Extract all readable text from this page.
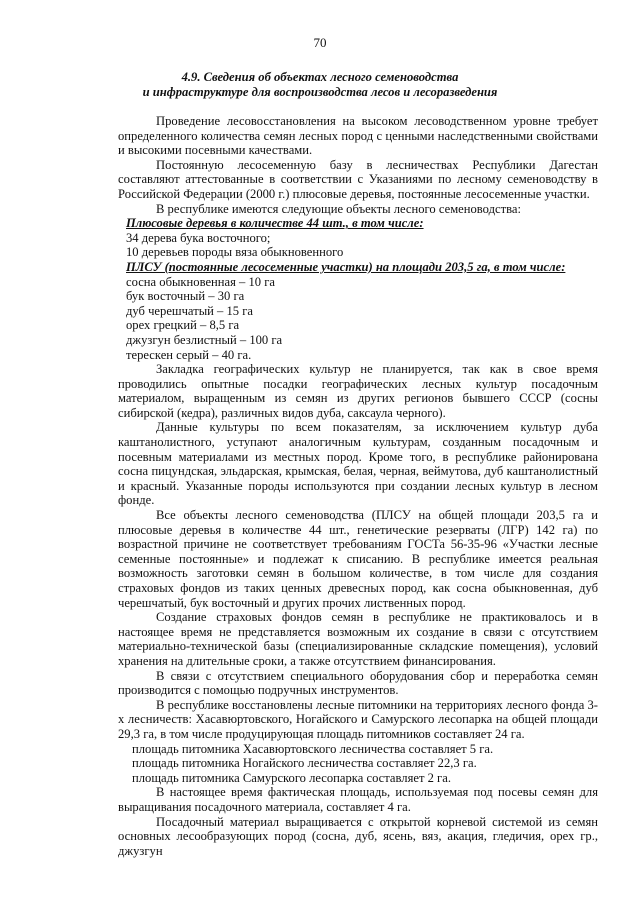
70
4.9. Сведения об объектах лесного семеноводства
и инфраструктуре для воспроизводства лесов и лесоразведения

Проведение лесовосстановления на высоком лесоводственном уровне требует определенного количества семян лесных пород с ценными наследственными свойствами и высокими посевными качествами.

Постоянную лесосеменную базу в лесничествах Республики Дагестан составляют аттестованные в соответствии с Указаниями по лесному семеноводству в Российской Федерации (2000 г.) плюсовые деревья, постоянные лесосеменные участки.

В республике имеются следующие объекты лесного семеноводства:

Плюсовые деревья в количестве 44 шт., в том числе:

34 дерева бука восточного;

10 деревьев породы вяза обыкновенного

ПЛСУ (постоянные лесосеменные участки) на площади 203,5 га, в том числе:

сосна обыкновенная – 10 га

бук восточный – 30 га

дуб черешчатый – 15 га

орех грецкий – 8,5 га

джузгун безлистный – 100 га

терескен серый – 40 га.

Закладка географических культур не планируется, так как в свое время проводились опытные посадки географических лесных культур посадочным материалом, выращенным из семян из других регионов бывшего СССР (сосны сибирской (кедра), различных видов дуба, саксаула черного).

Данные культуры по всем показателям, за исключением культур дуба каштанолистного, уступают аналогичным культурам, созданным посадочным и посевным материалами из местных пород. Кроме того, в республике районирована сосна пицундская, эльдарская, крымская, белая, черная, веймутова, дуб каштанолистный и красный. Указанные породы используются при создании лесных культур в лесном фонде.

Все объекты лесного семеноводства (ПЛСУ на общей площади 203,5 га и плюсовые деревья в количестве 44 шт., генетические резерваты (ЛГР) 142 га) по возрастной причине не соответствует требованиям ГОСТа 56-35-96 «Участки лесные семенные постоянные» и подлежат к списанию. В республике имеется реальная возможность заготовки семян в большом количестве, в том числе для создания страховых фондов из таких ценных древесных пород, как сосна обыкновенная, дуб черешчатый, бук восточный и других прочих лиственных пород.

Создание страховых фондов семян в республике не практиковалось и в настоящее время не представляется возможным их создание в связи с отсутствием материально-технической базы (специализированные складские помещения), условий хранения на длительные сроки, а также отсутствием финансирования.

В связи с отсутствием специального оборудования сбор и переработка семян производится с помощью подручных инструментов.

В республике восстановлены лесные питомники на территориях лесного фонда 3-х лесничеств: Хасавюртовского, Ногайского и Самурского лесопарка на общей площади 29,3 га, в том числе продуцирующая площадь питомников составляет 24 га.

площадь питомника Хасавюртовского лесничества составляет 5 га.

площадь питомника Ногайского лесничества составляет 22,3 га.

площадь питомника Самурского лесопарка составляет 2 га.

В настоящее время фактическая площадь, используемая под посевы семян для выращивания посадочного материала, составляет 4 га.

Посадочный материал выращивается с открытой корневой системой из семян основных лесообразующих пород (сосна, дуб, ясень, вяз, акация, гледичия, орех гр., джузгун
